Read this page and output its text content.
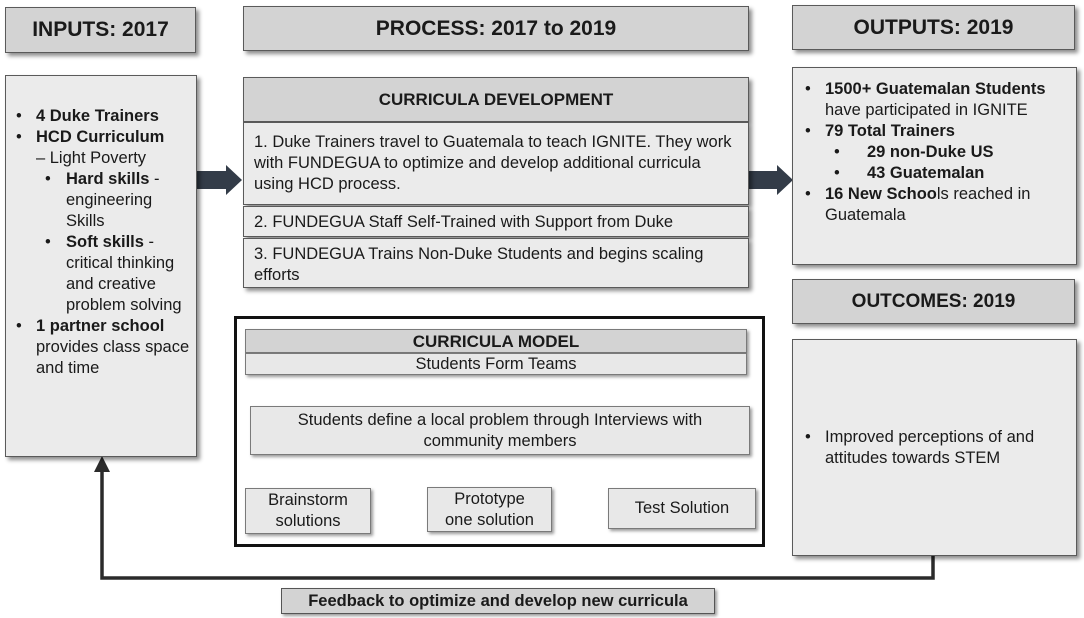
INPUTS: 2017	PROCESS: 2017 to 2019	OUTPUTS: 2019
• 4 Duke Trainers
• HCD Curriculum
– Light Poverty
• Hard skills - engineering Skills
• Soft skills - critical thinking and creative problem solving
• 1 partner school provides class space and time
CURRICULA DEVELOPMENT
1. Duke Trainers travel to Guatemala to teach IGNITE. They work with FUNDEGUA to optimize and develop additional curricula using HCD process.
2. FUNDEGUA Staff Self-Trained with Support from Duke
3. FUNDEGUA Trains Non-Duke Students and begins scaling efforts
CURRICULA MODEL
Students Form Teams
Students define a local problem through Interviews with community members
Brainstorm solutions
Prototype one solution
Test Solution
• 1500+ Guatemalan Students have participated in IGNITE
• 79 Total Trainers
• 29 non-Duke US
• 43 Guatemalan
• 16 New Schools reached in Guatemala
OUTCOMES: 2019
• Improved perceptions of and attitudes towards STEM
Feedback to optimize and develop new curricula
